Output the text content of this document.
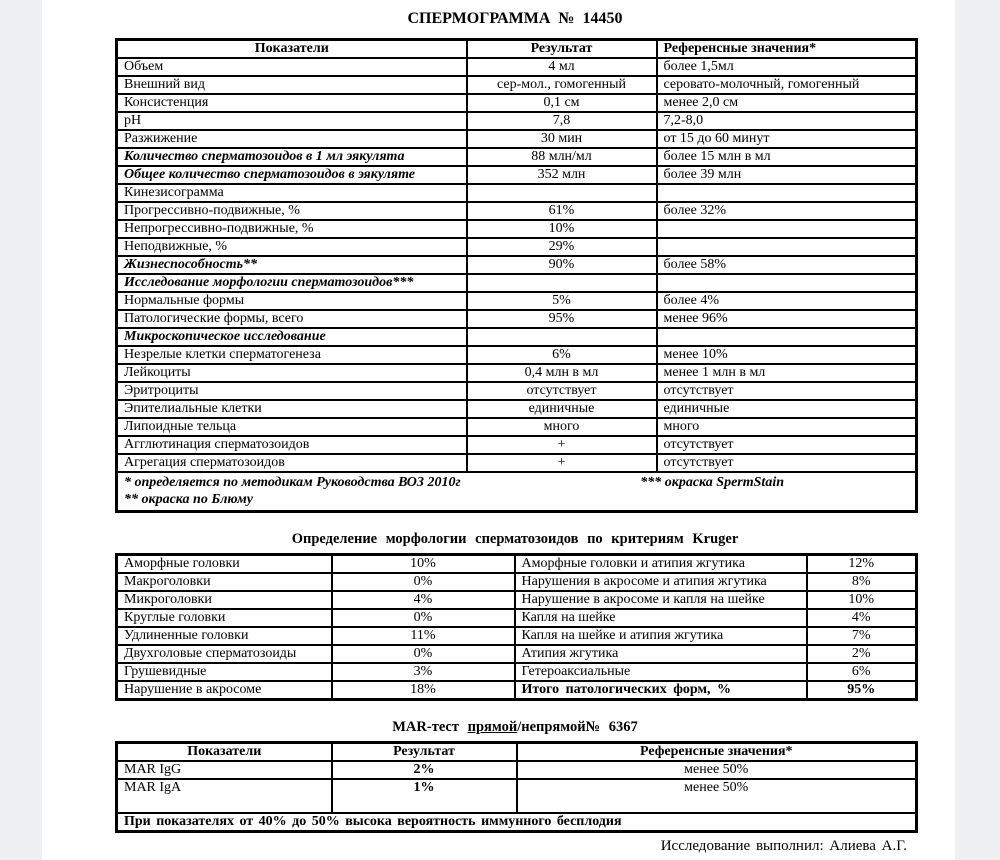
СПЕРМОГРАММА № 14450
Показатели	Результат	Референсные значения*
Объем	4 мл	более 1,5мл
Внешний вид	сер-мол., гомогенный	серовато-молочный, гомогенный
Консистенция	0,1 см	менее 2,0 см
pH	7,8	7,2-8,0
Разжижение	30 мин	от 15 до 60 минут
Количество сперматозоидов в 1 мл эякулята	88 млн/мл	более 15 млн в мл
Общее количество сперматозоидов в эякуляте	352 млн	более 39 млн
Кинезисограмма		
Прогрессивно-подвижные, %	61%	более 32%
Непрогрессивно-подвижные, %	10%	
Неподвижные, %	29%	
Жизнеспособность**	90%	более 58%
Исследование морфологии сперматозоидов***		
Нормальные формы	5%	более 4%
Патологические формы, всего	95%	менее 96%
Микроскопическое исследование		
Незрелые клетки сперматогенеза	6%	менее 10%
Лейкоциты	0,4 млн в мл	менее 1 млн в мл
Эритроциты	отсутствует	отсутствует
Эпителиальные клетки	единичные	единичные
Липоидные тельца	много	много
Агглютинация сперматозоидов	+	отсутствует
Агрегация сперматозоидов	+	отсутствует

* определяется по методикам Руководства ВОЗ 2010г *** окраска SpermStain
** окраска по Блюму		
Определение морфологии сперматозоидов по критериям Kruger
Аморфные головки	10%	Аморфные головки и атипия жгутика	12%
Макроголовки	0%	Нарушения в акросоме и атипия жгутика	8%
Микроголовки	4%	Нарушение в акросоме и капля на шейке	10%
Круглые головки	0%	Капля на шейке	4%
Удлиненные головки	11%	Капля на шейке и атипия жгутика	7%
Двухголовые сперматозоиды	0%	Атипия жгутика	2%
Грушевидные	3%	Гетероаксиальные	6%
Нарушение в акросоме	18%	Итого патологических форм, %	95%
MAR-тест прямой/непрямой№ 6367
Показатели	Результат	Референсные значения*
MAR IgG	2%	менее 50%
MAR IgA	1%	менее 50%
При показателях от 40% до 50% высока вероятность иммунного бесплодия		
Исследование выполнил: Алиева А.Г.
